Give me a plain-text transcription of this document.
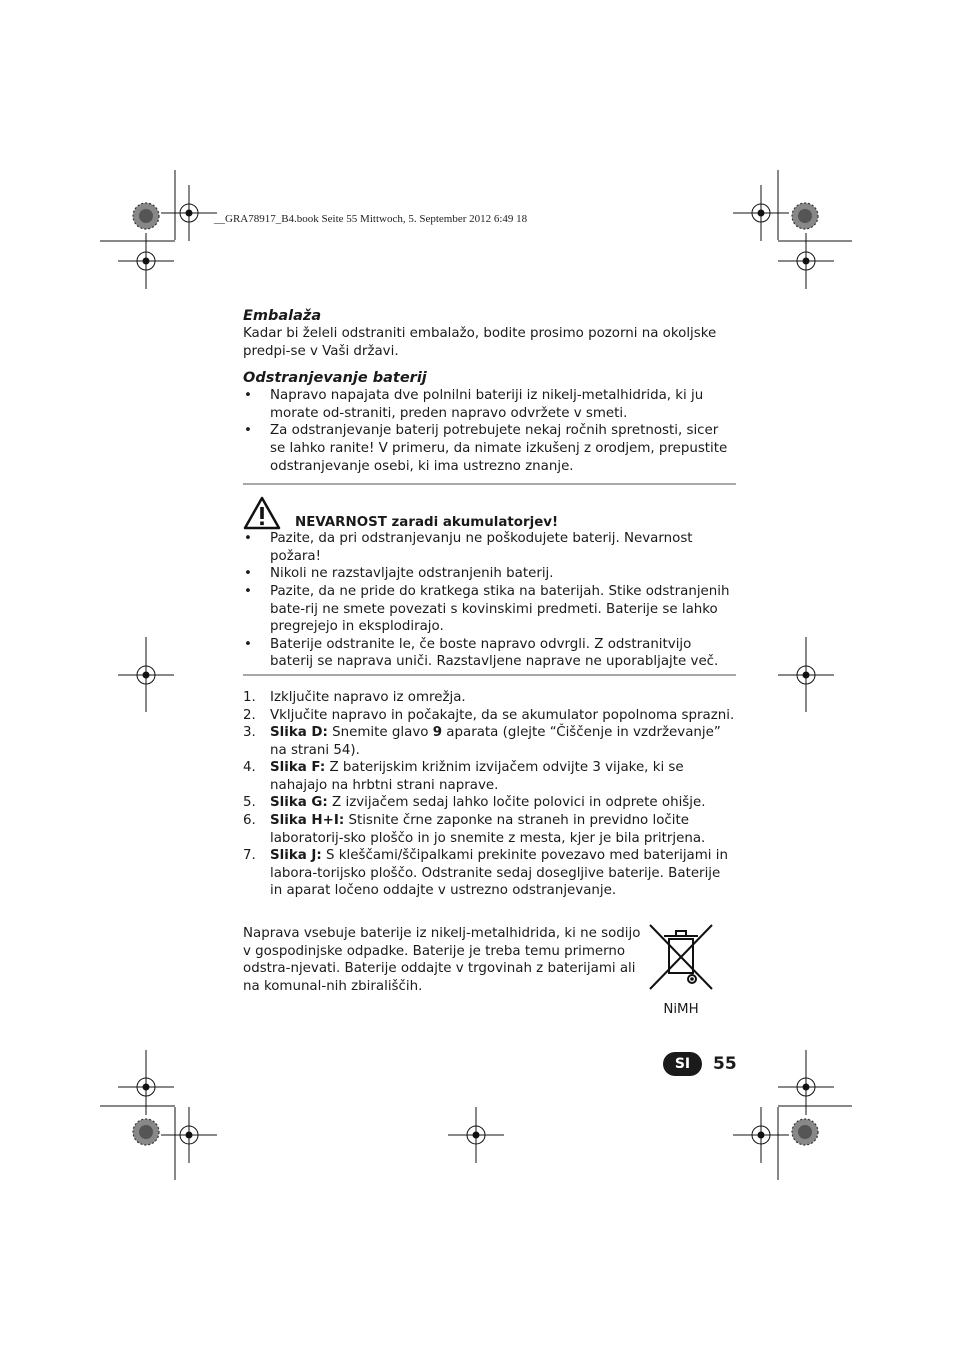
__GRA78917_B4.book Seite 55 Mittwoch, 5. September 2012 6:49 18
Embalaža

Kadar bi želeli odstraniti embalažo, bodite prosimo pozorni na okoljske predpi-se v Vaši državi.

Odstranjevanje baterij
• Napravo napajata dve polnilni bateriji iz nikelj-metalhidrida, ki ju morate od-straniti, preden napravo odvržete v smeti.
• Za odstranjevanje baterij potrebujete nekaj ročnih spretnosti, sicer se lahko ranite! V primeru, da nimate izkušenj z orodjem, prepustite odstranjevanje osebi, ki ima ustrezno znanje.
NEVARNOST zaradi akumulatorjev!
• Pazite, da pri odstranjevanju ne poškodujete baterij. Nevarnost požara!
• Nikoli ne razstavljajte odstranjenih baterij.
• Pazite, da ne pride do kratkega stika na baterijah. Stike odstranjenih bate-rij ne smete povezati s kovinskimi predmeti. Baterije se lahko pregrejejo in eksplodirajo.
• Baterije odstranite le, če boste napravo odvrgli. Z odstranitvijo baterij se naprava uniči. Razstavljene naprave ne uporabljajte več.
1. Izključite napravo iz omrežja.
2. Vključite napravo in počakajte, da se akumulator popolnoma sprazni.
3. Slika D: Snemite glavo 9 aparata (glejte “Čiščenje in vzdrževanje” na strani 54).
4. Slika F: Z baterijskim križnim izvijačem odvijte 3 vijake, ki se nahajajo na hrbtni strani naprave.
5. Slika G: Z izvijačem sedaj lahko ločite polovici in odprete ohišje.
6. Slika H+I: Stisnite črne zaponke na straneh in previdno ločite laboratorij-sko ploščo in jo snemite z mesta, kjer je bila pritrjena.
7. Slika J: S kleščami/ščipalkami prekinite povezavo med baterijami in labora-torijsko ploščo. Odstranite sedaj dosegljive baterije. Baterije in aparat ločeno oddajte v ustrezno odstranjevanje.

Naprava vsebuje baterije iz nikelj-metalhidrida, ki ne sodijo v gospodinjske odpadke. Baterije je treba temu primerno odstra-njevati. Baterije oddajte v trgovinah z baterijami ali na komunal-nih zbirališčih.

NiMH
SI	55
